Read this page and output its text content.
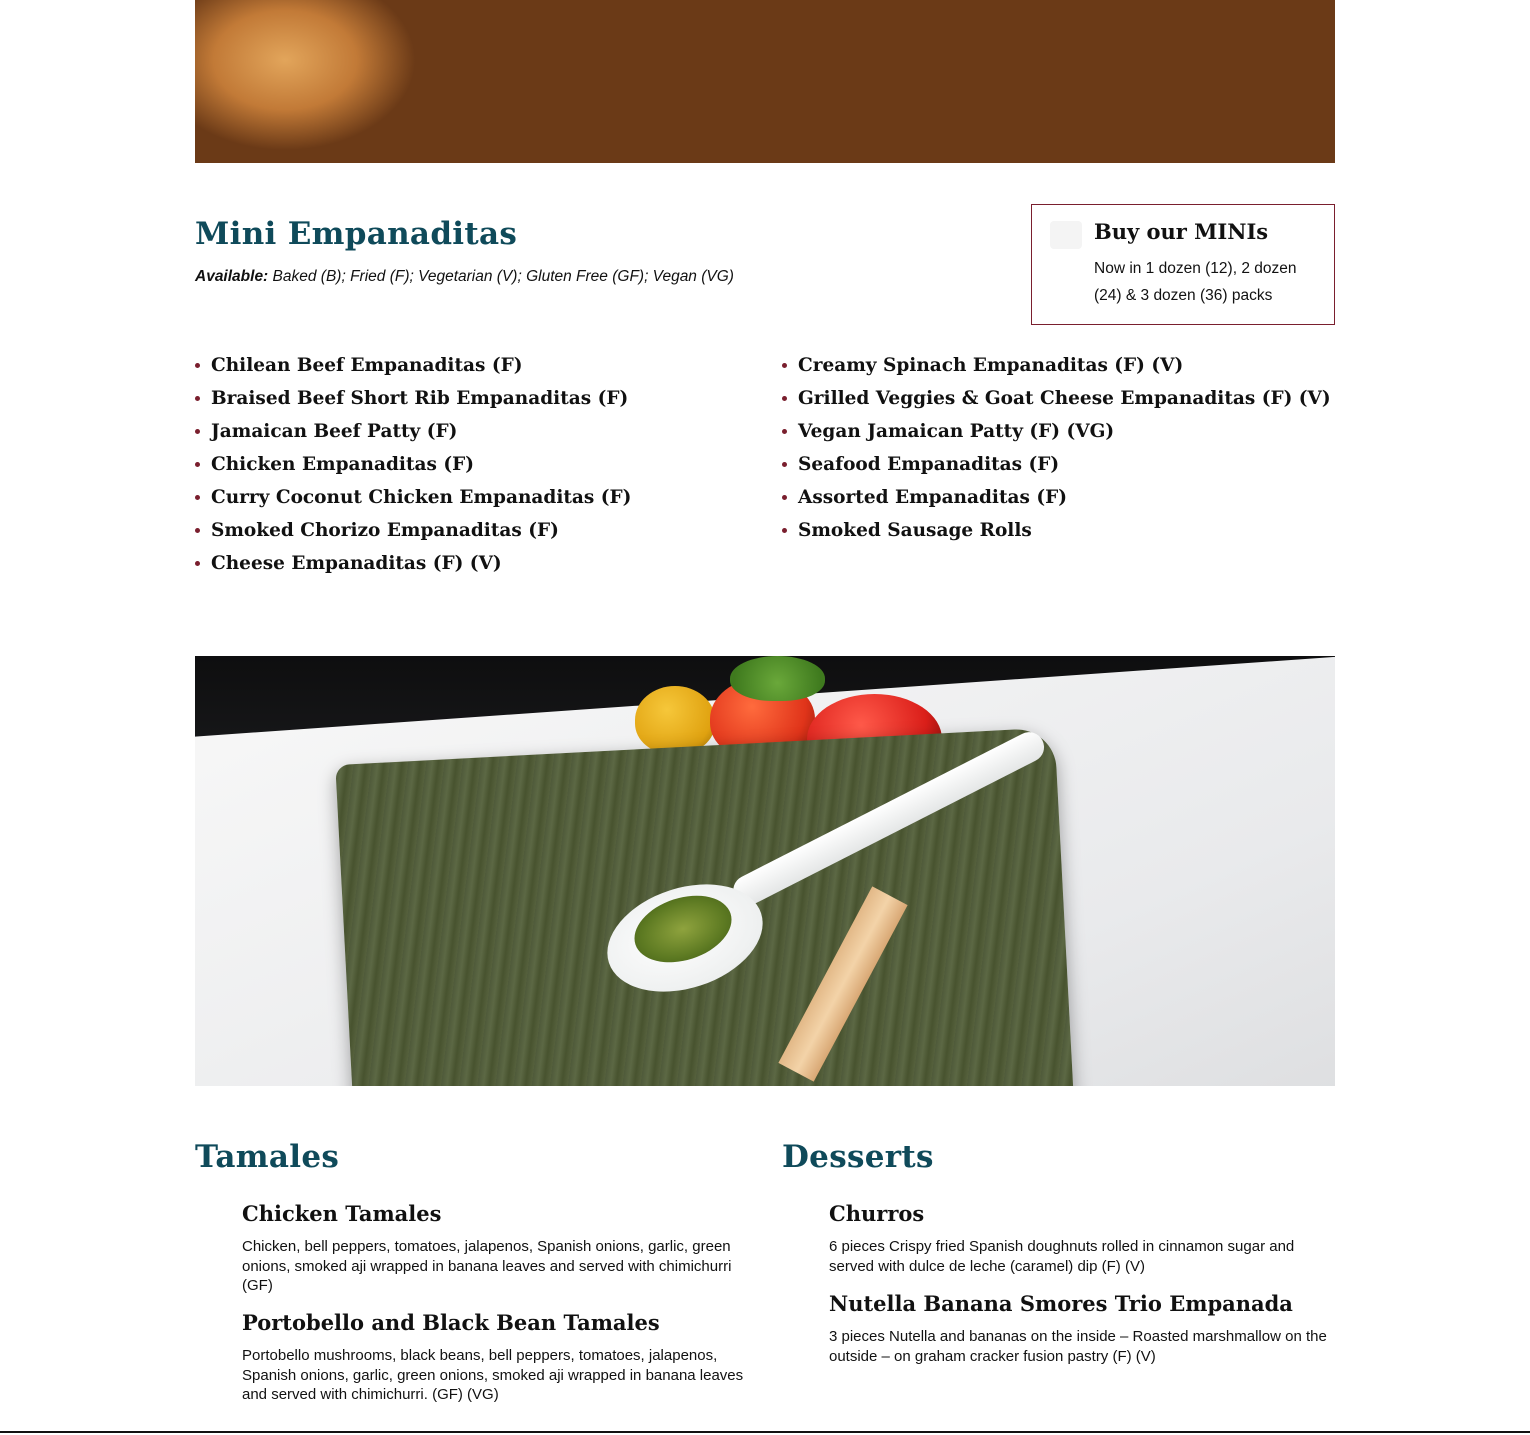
Mini Empanaditas
Available: Baked (B); Fried (F); Vegetarian (V); Gluten Free (GF); Vegan (VG)
Buy our MINIs
Now in 1 dozen (12), 2 dozen (24) & 3 dozen (36) packs
Chilean Beef Empanaditas (F)
Braised Beef Short Rib Empanaditas (F)
Jamaican Beef Patty (F)
Chicken Empanaditas (F)
Curry Coconut Chicken Empanaditas (F)
Smoked Chorizo Empanaditas (F)
Cheese Empanaditas (F) (V)
Creamy Spinach Empanaditas (F) (V)
Grilled Veggies & Goat Cheese Empanaditas (F) (V)
Vegan Jamaican Patty (F) (VG)
Seafood Empanaditas (F)
Assorted Empanaditas (F)
Smoked Sausage Rolls
Tamales
Chicken Tamales
Chicken, bell peppers, tomatoes, jalapenos, Spanish onions, garlic, green onions, smoked aji wrapped in banana leaves and served with chimichurri (GF)
Portobello and Black Bean Tamales
Portobello mushrooms, black beans, bell peppers, tomatoes, jalapenos, Spanish onions, garlic, green onions, smoked aji wrapped in banana leaves and served with chimichurri. (GF) (VG)
Desserts
Churros
6 pieces Crispy fried Spanish doughnuts rolled in cinnamon sugar and served with dulce de leche (caramel) dip (F) (V)
Nutella Banana Smores Trio Empanada
3 pieces Nutella and bananas on the inside – Roasted marshmallow on the outside – on graham cracker fusion pastry (F) (V)
